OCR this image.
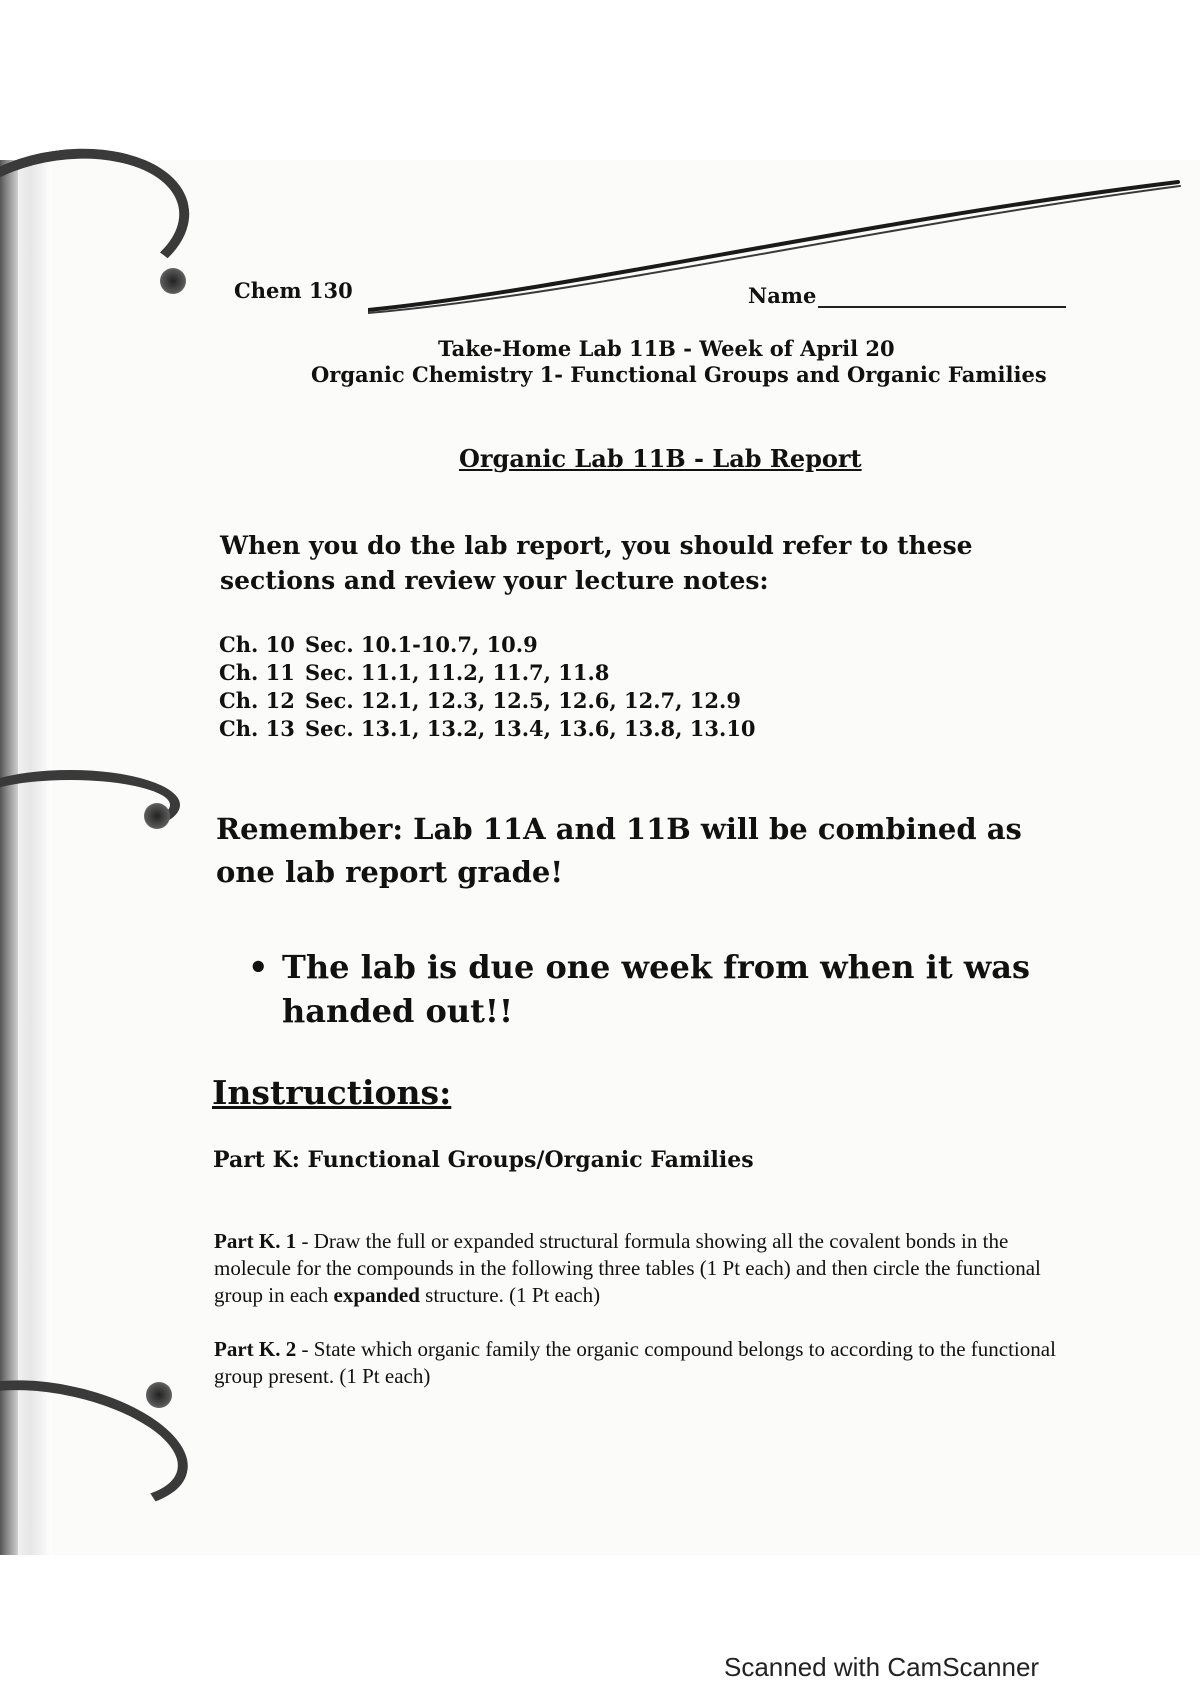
Chem 130	Name
Take-Home Lab 11B - Week of April 20
Organic Chemistry 1- Functional Groups and Organic Families
Organic Lab 11B - Lab Report

When you do the lab report, you should refer to these sections and review your lecture notes:

Ch. 10 Sec. 10.1-10.7, 10.9
Ch. 11 Sec. 11.1, 11.2, 11.7, 11.8
Ch. 12 Sec. 12.1, 12.3, 12.5, 12.6, 12.7, 12.9
Ch. 13 Sec. 13.1, 13.2, 13.4, 13.6, 13.8, 13.10

Remember: Lab 11A and 11B will be combined as one lab report grade!

• The lab is due one week from when it was handed out!!
Instructions:
Part K: Functional Groups/Organic Families

Part K. 1 - Draw the full or expanded structural formula showing all the covalent bonds in the molecule for the compounds in the following three tables (1 Pt each) and then circle the functional group in each expanded structure. (1 Pt each)

Part K. 2 - State which organic family the organic compound belongs to according to the functional group present. (1 Pt each)

Scanned with CamScanner
